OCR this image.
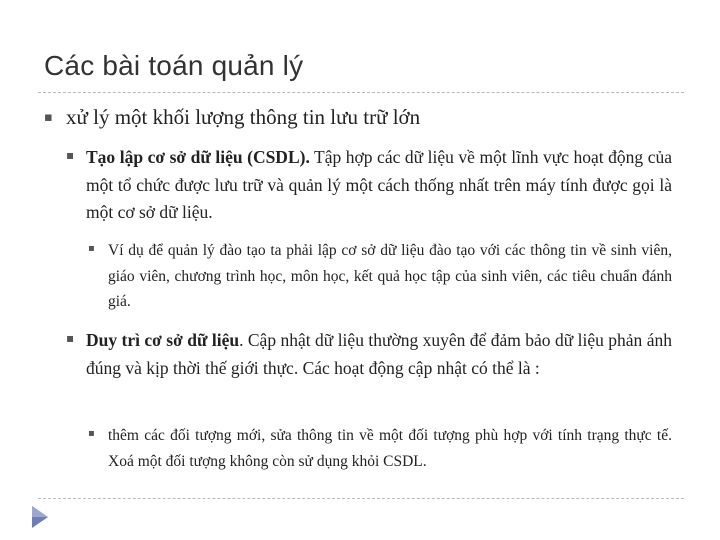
Các bài toán quản lý
▪ xử lý một khối lượng thông tin lưu trữ lớn

▪ Tạo lập cơ sở dữ liệu (CSDL). Tập hợp các dữ liệu về một lĩnh vực hoạt động của một tổ chức được lưu trữ và quản lý một cách thống nhất trên máy tính được gọi là một cơ sở dữ liệu.

▪ Ví dụ để quản lý đào tạo ta phải lập cơ sở dữ liệu đào tạo với các thông tin về sinh viên, giáo viên, chương trình học, môn học, kết quả học tập của sinh viên, các tiêu chuẩn đánh giá.

▪ Duy trì cơ sở dữ liệu. Cập nhật dữ liệu thường xuyên để đảm bảo dữ liệu phản ánh đúng và kịp thời thế giới thực. Các hoạt động cập nhật có thể là :

▪ thêm các đối tượng mới, sửa thông tin về một đối tượng phù hợp với tính trạng thực tế. Xoá một đối tượng không còn sử dụng khỏi CSDL.
